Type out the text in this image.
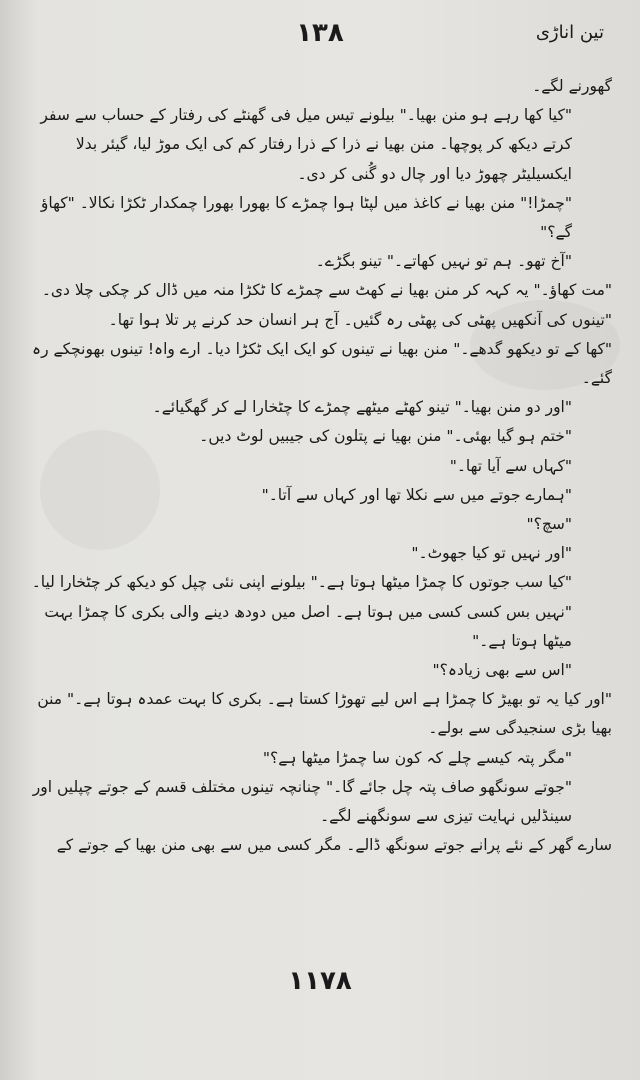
۱۳۸	تین اناڑی

گھورنے لگے۔

"کیا کھا رہے ہو منن بھیا۔" بیلونے تیس میل فی گھنٹے کی رفتار کے حساب سے سفر کرتے دیکھ کر پوچھا۔ منن بھیا نے ذرا کے ذرا رفتار کم کی ایک موڑ لیا، گیئر بدلا ایکسیلیٹر چھوڑ دیا اور چال دو گُنی کر دی۔

"چمڑا!" منن بھیا نے کاغذ میں لپٹا ہوا چمڑے کا بھورا بھورا چمکدار ٹکڑا نکالا۔ "کھاؤ گے؟"

"آخ تھو۔ ہم تو نہیں کھاتے۔" تینو بگڑے۔

"مت کھاؤ۔" یہ کہہ کر منن بھیا نے کھٹ سے چمڑے کا ٹکڑا منہ میں ڈال کر چکی چلا دی۔ "تینوں کی آنکھیں پھٹی کی پھٹی رہ گئیں۔ آج ہر انسان حد کرنے پر تلا ہوا تھا۔

"کھا کے تو دیکھو گدھے۔" منن بھیا نے تینوں کو ایک ایک ٹکڑا دیا۔ ارے واہ! تینوں بھونچکے رہ گئے۔

"اور دو منن بھیا۔" تینو کھٹے میٹھے چمڑے کا چٹخارا لے کر گھگیائے۔

"ختم ہو گیا بھئی۔" منن بھیا نے پتلون کی جیبیں لوٹ دیں۔

"کہاں سے آیا تھا۔"

"ہمارے جوتے میں سے نکلا تھا اور کہاں سے آتا۔"

"سچ؟"

"اور نہیں تو کیا جھوٹ۔"

"کیا سب جوتوں کا چمڑا میٹھا ہوتا ہے۔" بیلونے اپنی نئی چپل کو دیکھ کر چٹخارا لیا۔

"نہیں بس کسی کسی میں ہوتا ہے۔ اصل میں دودھ دینے والی بکری کا چمڑا بہت میٹھا ہوتا ہے۔"

"اس سے بھی زیادہ؟"

"اور کیا یہ تو بھیڑ کا چمڑا ہے اس لیے تھوڑا کستا ہے۔ بکری کا بہت عمدہ ہوتا ہے۔" منن بھیا بڑی سنجیدگی سے بولے۔

"مگر پتہ کیسے چلے کہ کون سا چمڑا میٹھا ہے؟"

"جوتے سونگھو صاف پتہ چل جائے گا۔" چنانچہ تینوں مختلف قسم کے جوتے چپلیں اور سینڈلیں نہایت تیزی سے سونگھنے لگے۔

سارے گھر کے نئے پرانے جوتے سونگھ ڈالے۔ مگر کسی میں سے بھی منن بھیا کے جوتے کے

۱۱۷۸
